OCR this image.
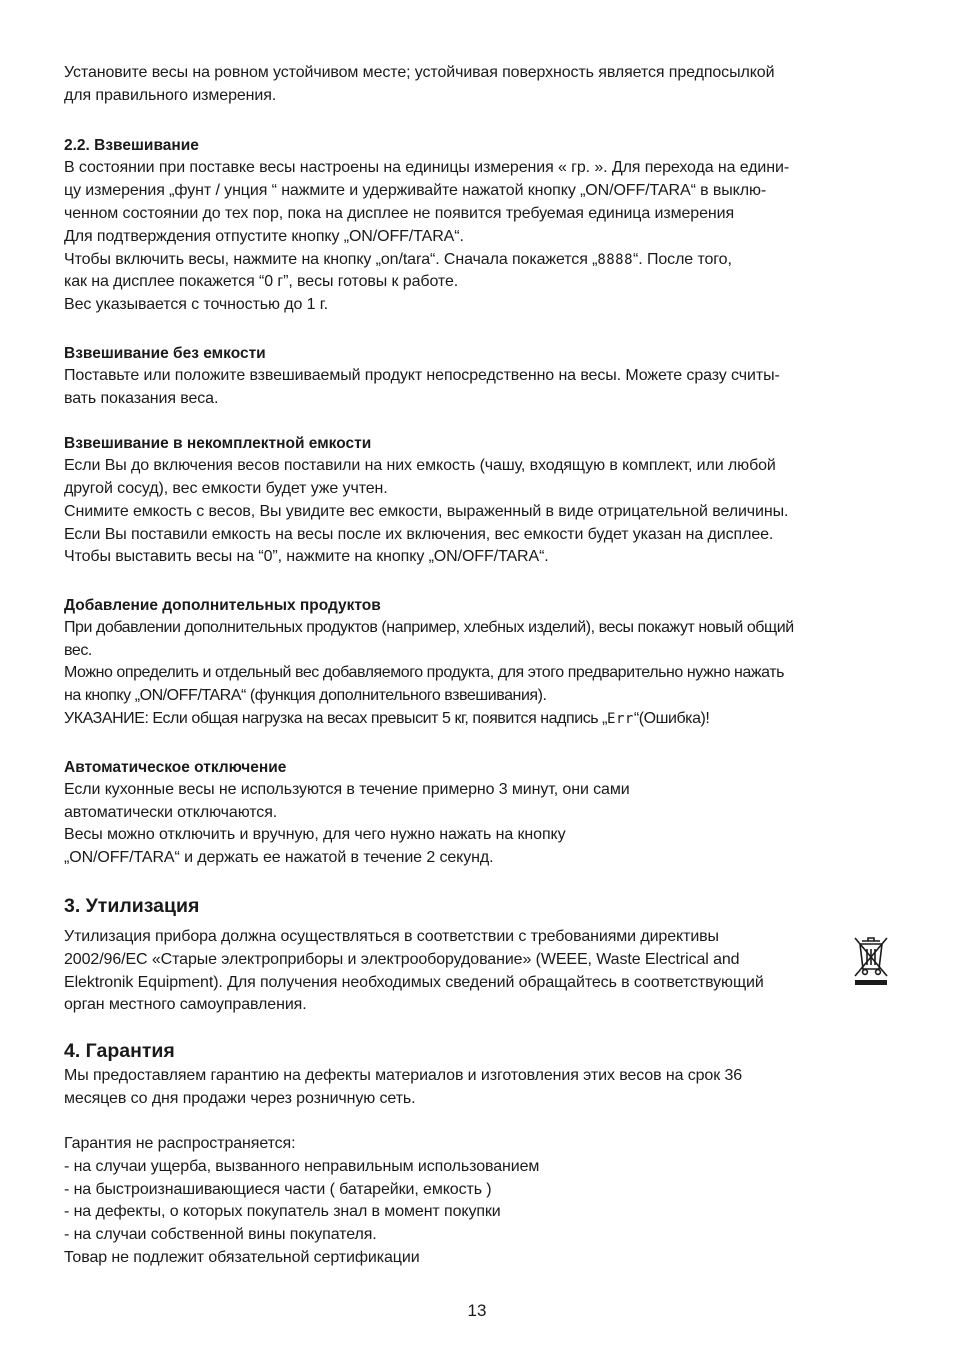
Установите весы на ровном устойчивом месте; устойчивая поверхность является предпосылкой
для правильного измерения.
2.2. Взвешивание
В состоянии при поставке весы настроены на единицы измерения « гр. ». Для перехода на едини-
цу измерения „фунт / унция “ нажмите и удерживайте нажатой кнопку „ON/OFF/TARA“ в выклю-
ченном состоянии до тех пор, пока на дисплее не появится требуемая единица измерения
Для подтверждения отпустите кнопку „ON/OFF/TARA“.
Чтобы включить весы, нажмите на кнопку „on/tara“. Сначала покажется „8888“. После того,
как на дисплее покажется “0 г”, весы готовы к работе.
Вес указывается с точностью до 1 г.
Взвешивание без емкости
Поставьте или положите взвешиваемый продукт непосредственно на весы. Можете сразу считы-
вать показания веса.
Взвешивание в некомплектной емкости
Если Вы до включения весов поставили на них емкость (чашу, входящую в комплект, или любой
другой сосуд), вес емкости будет уже учтен.
Снимите емкость с весов, Вы увидите вес емкости, выраженный в виде отрицательной величины.
Если Вы поставили емкость на весы после их включения, вес емкости будет указан на дисплее.
Чтобы выставить весы на “0”, нажмите на кнопку „ON/OFF/TARA“.
Добавление дополнительных продуктов
При добавлении дополнительных продуктов (например, хлебных изделий), весы покажут новый общий
вес.
Можно определить и отдельный вес добавляемого продукта, для этого предварительно нужно нажать
на кнопку „ON/OFF/TARA“ (функция дополнительного взвешивания).
УКАЗАНИЕ: Если общая нагрузка на весах превысит 5 кг, появится надпись „Err“(Ошибка)!
Автоматическое отключение
Если кухонные весы не используются в течение примерно 3 минут, они сами
автоматически отключаются.
Весы можно отключить и вручную, для чего нужно нажать на кнопку
„ON/OFF/TARA“ и держать ее нажатой в течение 2 секунд.
3. Утилизация
Утилизация прибора должна осуществляться в соответствии с требованиями директивы
2002/96/EC «Старые электроприборы и электрооборудование» (WEEE, Waste Electrical and
Elektronik Equipment). Для получения необходимых сведений обращайтесь в соответствующий
орган местного самоуправления.
4. Гарантия
Мы предоставляем гарантию на дефекты материалов и изготовления этих весов на срок 36
месяцев со дня продажи через розничную сеть.
Гарантия не распространяется:
- на случаи ущерба, вызванного неправильным использованием
- на быстроизнашивающиеся части ( батарейки, емкость )
- на дефекты, о которых покупатель знал в момент покупки
- на случаи собственной вины покупателя.
Товар не подлежит обязательной сертификации
13
